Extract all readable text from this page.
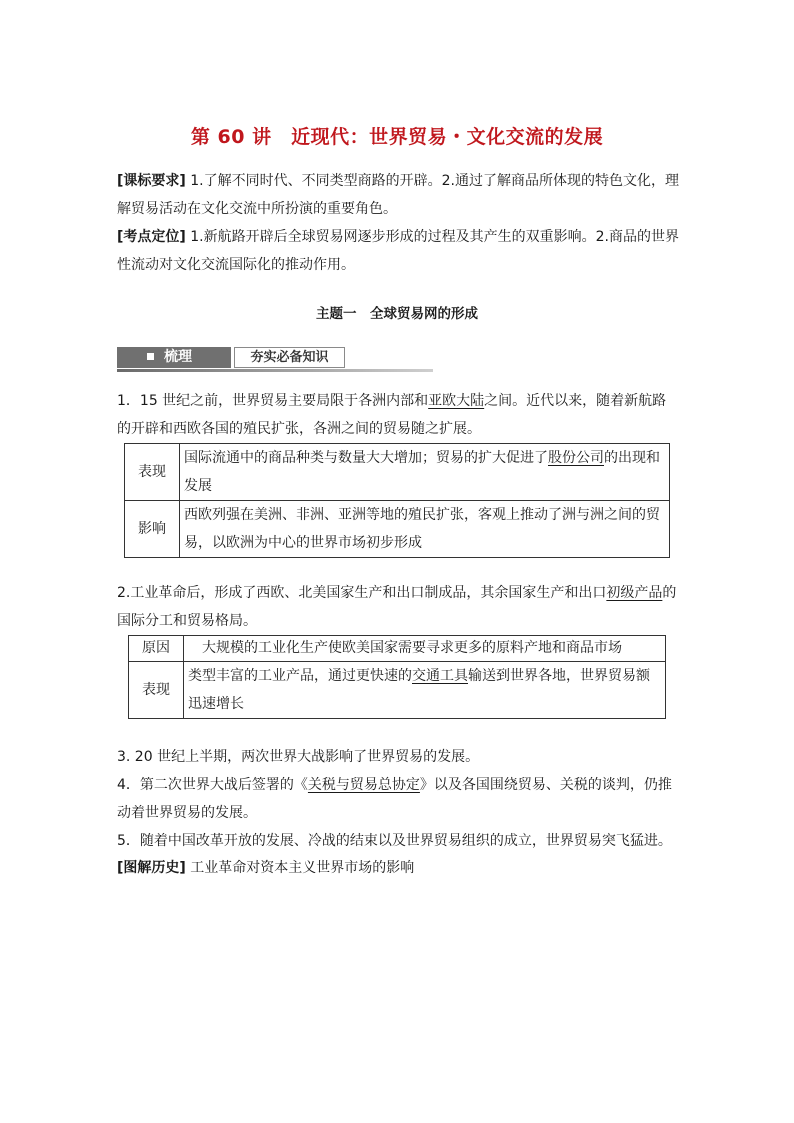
第 60 讲　近现代：世界贸易・文化交流的发展

[课标要求] 1.了解不同时代、不同类型商路的开辟。2.通过了解商品所体现的特色文化，理解贸易活动在文化交流中所扮演的重要角色。

[考点定位] 1.新航路开辟后全球贸易网逐步形成的过程及其产生的双重影响。2.商品的世界性流动对文化交流国际化的推动作用。

主题一　全球贸易网的形成
梳理	夯实必备知识

1．15 世纪之前，世界贸易主要局限于各洲内部和亚欧大陆之间。近代以来，随着新航路的开辟和西欧各国的殖民扩张，各洲之间的贸易随之扩展。

表现	国际流通中的商品种类与数量大大增加；贸易的扩大促进了股份公司的出现和发展
影响	西欧列强在美洲、非洲、亚洲等地的殖民扩张，客观上推动了洲与洲之间的贸易，以欧洲为中心的世界市场初步形成

2.工业革命后，形成了西欧、北美国家生产和出口制成品，其余国家生产和出口初级产品的国际分工和贸易格局。

原因	大规模的工业化生产使欧美国家需要寻求更多的原料产地和商品市场
表现	类型丰富的工业产品，通过更快速的交通工具输送到世界各地，世界贸易额迅速增长

3. 20 世纪上半期，两次世界大战影响了世界贸易的发展。

4．第二次世界大战后签署的《关税与贸易总协定》以及各国围绕贸易、关税的谈判，仍推动着世界贸易的发展。

5．随着中国改革开放的发展、冷战的结束以及世界贸易组织的成立，世界贸易突飞猛进。

[图解历史] 工业革命对资本主义世界市场的影响
